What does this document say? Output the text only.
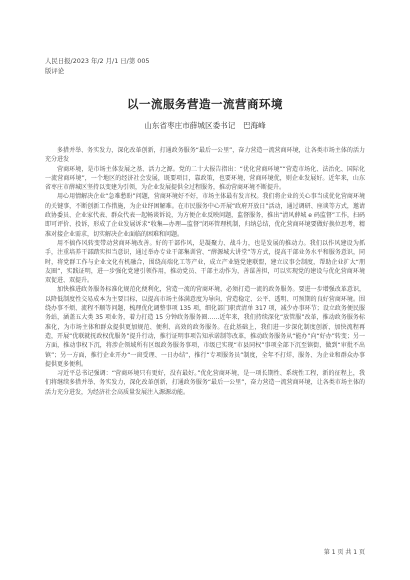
人民日报/2023 年/2 月/1 日/第 005
版评论
以一流服务营造一流营商环境
山东省枣庄市薛城区委书记　巴海峰

多措并举、务实发力，深化改革创新，打通政务服务“最后一公里”，奋力营造一流营商环境，让各类市场主体的活力充分进发

营商环境，是市场主体发展之基、活力之源。党的二十大报告指出：“优化营商环境”“营造市场化、法治化、国际化一流营商环境”，一个地区的经济社会发展，既要项目，靠政策，也要环境，营商环境优，则企业发展好。近年来，山东省枣庄市薛城区坚持以变建为引领，为企业发展提供全过程服务，推动营商环境不断提升。

用心用情解决企业“急难愁盼”问题，营商环境好不好，市场主体最有发言权。我们将企业的关心事当成优化营商环境的关键事，不断创新工作措施，为企业纾困解难。在市民服务中心开展“政府开放日”活动，通过调研、座谈等方式，邀请政协委员、企业家代表、群众代表一起畅谈诉说，为方便企业反映问题，监督服务，推出“清风薛城 e 码监督”工作，扫码即可评价、投诉，形成了企业发展诉求“收集—办理—监督”闭环管理机制，归纳总结，优化营商环境要做好换位思考，精准对接企业需求，切实解决企业面临的困难和问题。

用不搞作风转变带动营商环境改善。好的干部作风，是凝聚力、战斗力，也是发展的推动力。我们以作风建设为抓手，注重培养干部踏实担当意识，通过举办专业干部集训营、“薛源城大讲堂”等方式，提高干部业务水平和服务意识，同时，将党群工作与企业文化有机融合，围绕高端化工等产业，成立产业链党建联盟，建立议事会制度，帮助企业扩大“朋友圈”，实践证明，进一步强化党建引领作用，推动党员、干部主动作为，善谋善担，可以实现党的建设与优化营商环境双促进、双提升。

加快推进政务服务标准化规范化便利化，营造一流的营商环境，必须打造一流的政务服务。要进一步增强改革意识，以降低制度性交易成本为主要目标，以提高市场主体满意度为导向，营造稳定、公平、透明、可预期的良好营商环境。围绕办事不烦、流程不顺等问题，梳理优化调整事项 135 项，细化部门职责清单 317 项，减少办事环节；设立政务便民服务站，涵盖五大类 35 项业务，着力打造 15 分钟政务服务圈……近年来，我们持续深化“放管服”改革，推动政务服务标准化，为市场主体和群众提供更加规范、便利、高效的政务服务。在此基础上，我们进一步深化制度创新，加快流程再造，开展“优联就抚政权优服务”提升行动，推行证明事项告知承诺制等改革，推动政务服务从“能办”向“好办”转变；另一方面，推动事权下沉，将涉企领域所有区级政务服务事项，市级已实现“市县同权”事项全部下沉至镇街，做到“审批不出镇”；另一方面，推行企业开办“一窗受理、一日办结”，推行“专项服务员”制度，全年不打烊，服务、为企业和群众办事提供更多便利。

习近平总书记强调：“营商环境只有更好，没有最好。”优化营商环境，是一项长期性、系统性工程，新的征程上，我们将继续多措并举、务实发力，深化改革创新，打通政务服务“最后一公里”，奋力营造一流营商环境，让各类市场主体的活力充分进发，为经济社会高质量发展注入源源动能。

第 1 页 共 1 页
